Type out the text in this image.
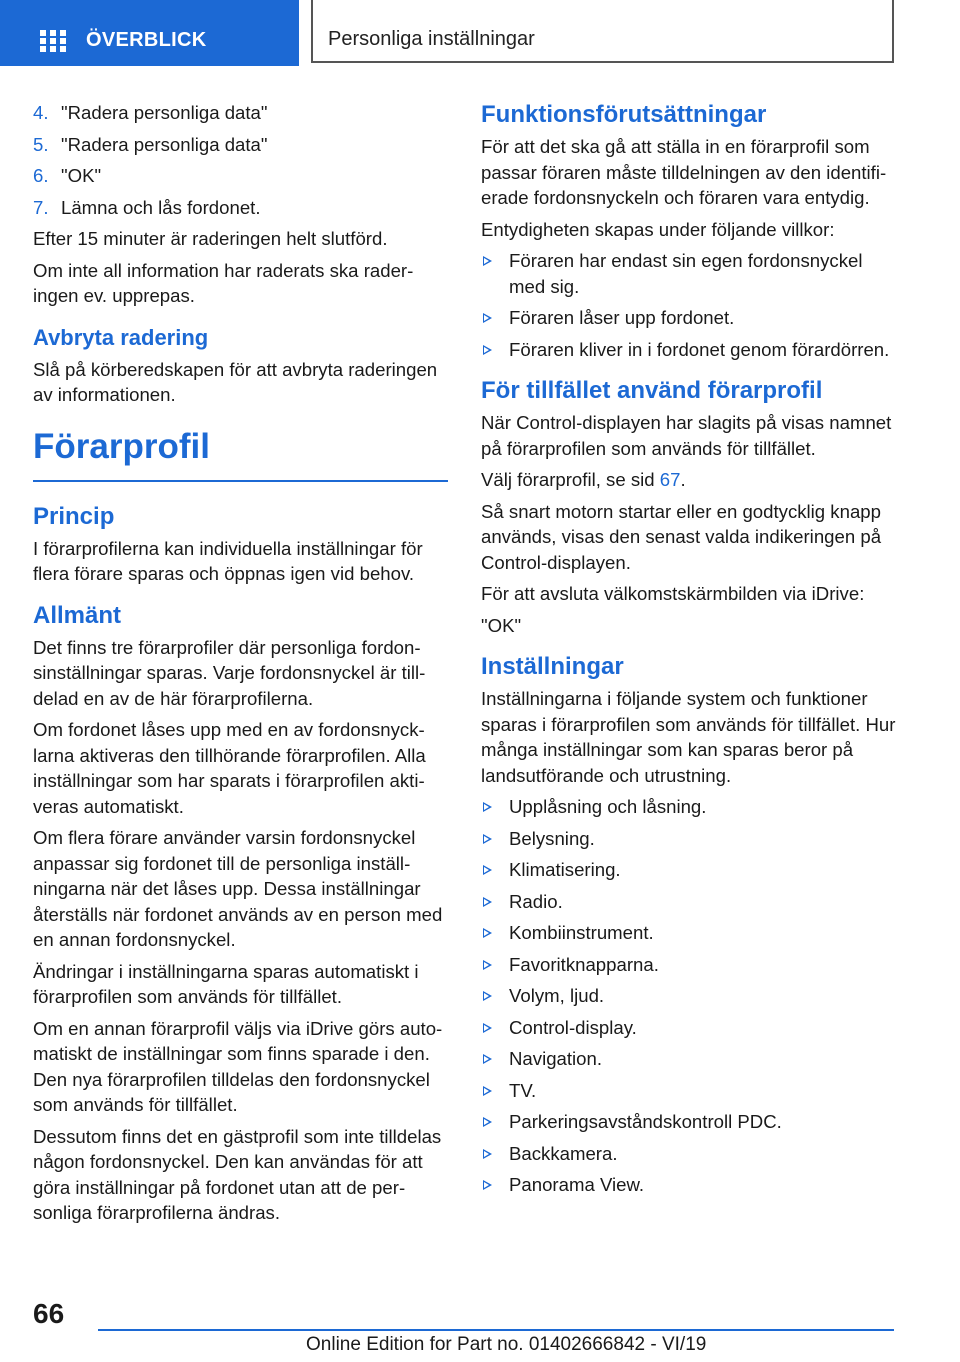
ÖVERBLICK	Personliga inställningar
4. "Radera personliga data"
5. "Radera personliga data"
6. "OK"
7. Lämna och lås fordonet.

Efter 15 minuter är raderingen helt slutförd.

Om inte all information har raderats ska raderingen ev. upprepas.

Avbryta radering

Slå på körberedskapen för att avbryta raderingen av informationen.

Förarprofil
Princip

I förarprofilerna kan individuella inställningar för flera förare sparas och öppnas igen vid behov.

Allmänt

Det finns tre förarprofiler där personliga fordonsinställningar sparas. Varje fordonsnyckel är tilldelad en av de här förarprofilerna.

Om fordonet låses upp med en av fordonsnycklarna aktiveras den tillhörande förarprofilen. Alla inställningar som har sparats i förarprofilen aktiveras automatiskt.

Om flera förare använder varsin fordonsnyckel anpassar sig fordonet till de personliga inställningarna när det låses upp. Dessa inställningar återställs när fordonet används av en person med en annan fordonsnyckel.

Ändringar i inställningarna sparas automatiskt i förarprofilen som används för tillfället.

Om en annan förarprofil väljs via iDrive görs automatiskt de inställningar som finns sparade i den. Den nya förarprofilen tilldelas den fordonsnyckel som används för tillfället.

Dessutom finns det en gästprofil som inte tilldelas någon fordonsnyckel. Den kan användas för att göra inställningar på fordonet utan att de personliga förarprofilerna ändras.

Funktionsförutsättningar

För att det ska gå att ställa in en förarprofil som passar föraren måste tilldelningen av den identifierade fordonsnyckeln och föraren vara entydig.

Entydigheten skapas under följande villkor:

Föraren har endast sin egen fordonsnyckel med sig.
Föraren låser upp fordonet.
Föraren kliver in i fordonet genom förardörren.
För tillfället använd förarprofil

När Control-displayen har slagits på visas namnet på förarprofilen som används för tillfället.

Välj förarprofil, se sid 67.

Så snart motorn startar eller en godtycklig knapp används, visas den senast valda indikeringen på Control-displayen.

För att avsluta välkomstskärmbilden via iDrive:

"OK"

Inställningar

Inställningarna i följande system och funktioner sparas i förarprofilen som används för tillfället. Hur många inställningar som kan sparas beror på landsutförande och utrustning.

Upplåsning och låsning.
Belysning.
Klimatisering.
Radio.
Kombiinstrument.
Favoritknapparna.
Volym, ljud.
Control-display.
Navigation.
TV.
Parkeringsavståndskontroll PDC.
Backkamera.
Panorama View.
66
Online Edition for Part no. 01402666842 - VI/19
